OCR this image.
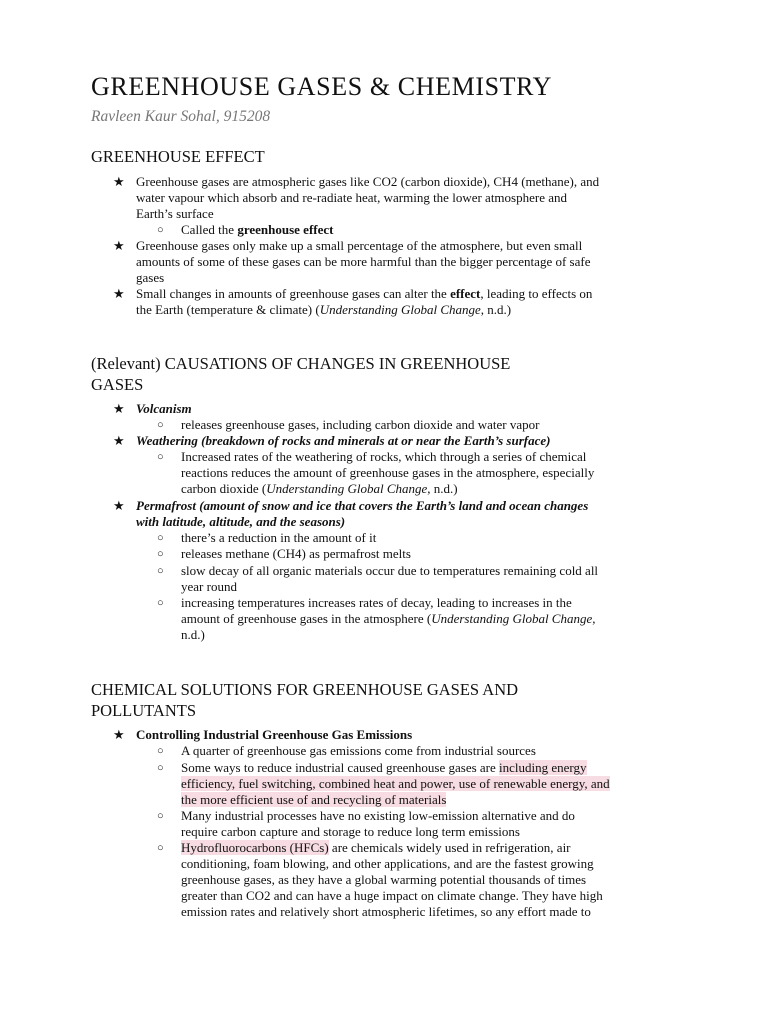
GREENHOUSE GASES & CHEMISTRY

Ravleen Kaur Sohal, 915208

GREENHOUSE EFFECT
★ Greenhouse gases are atmospheric gases like CO2 (carbon dioxide), CH4 (methane), and

water vapour which absorb and re-radiate heat, warming the lower atmosphere and

Earth’s surface

○ Called the greenhouse effect

★ Greenhouse gases only make up a small percentage of the atmosphere, but even small

amounts of some of these gases can be more harmful than the bigger percentage of safe

gases

★ Small changes in amounts of greenhouse gases can alter the effect, leading to effects on

the Earth (temperature & climate) (Understanding Global Change, n.d.)

(Relevant) CAUSATIONS OF CHANGES IN GREENHOUSE
GASES
★ Volcanism

○ releases greenhouse gases, including carbon dioxide and water vapor

★ Weathering (breakdown of rocks and minerals at or near the Earth’s surface)

○ Increased rates of the weathering of rocks, which through a series of chemical

reactions reduces the amount of greenhouse gases in the atmosphere, especially

carbon dioxide (Understanding Global Change, n.d.)

★ Permafrost (amount of snow and ice that covers the Earth’s land and ocean changes

with latitude, altitude, and the seasons)

○ there’s a reduction in the amount of it

○ releases methane (CH4) as permafrost melts

○ slow decay of all organic materials occur due to temperatures remaining cold all

year round

○ increasing temperatures increases rates of decay, leading to increases in the

amount of greenhouse gases in the atmosphere (Understanding Global Change,

n.d.)

CHEMICAL SOLUTIONS FOR GREENHOUSE GASES AND
POLLUTANTS
★ Controlling Industrial Greenhouse Gas Emissions

○ A quarter of greenhouse gas emissions come from industrial sources

○ Some ways to reduce industrial caused greenhouse gases are including energy

efficiency, fuel switching, combined heat and power, use of renewable energy, and

the more efficient use of and recycling of materials

○ Many industrial processes have no existing low-emission alternative and do

require carbon capture and storage to reduce long term emissions

○ Hydrofluorocarbons (HFCs) are chemicals widely used in refrigeration, air

conditioning, foam blowing, and other applications, and are the fastest growing

greenhouse gases, as they have a global warming potential thousands of times

greater than CO2 and can have a huge impact on climate change. They have high

emission rates and relatively short atmospheric lifetimes, so any effort made to
